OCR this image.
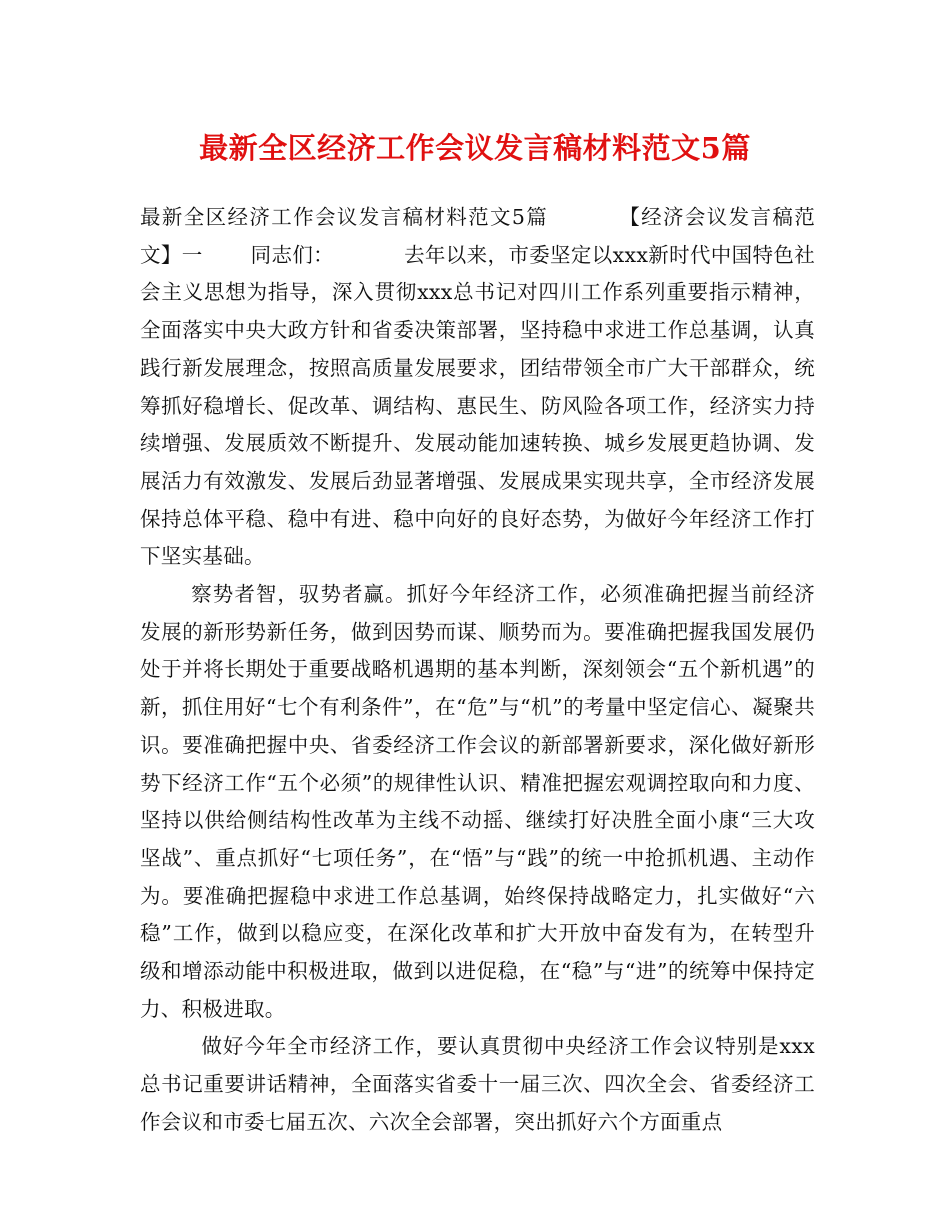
最新全区经济工作会议发言稿材料范文5篇

最新全区经济工作会议发言稿材料范文5篇	【经济会议发言稿范文】一 同志们：	去年以来，市委坚定以xxx新时代中国特色社会主义思想为指导，深入贯彻xxx总书记对四川工作系列重要指示精神，全面落实中央大政方针和省委决策部署，坚持稳中求进工作总基调，认真践行新发展理念，按照高质量发展要求，团结带领全市广大干部群众，统筹抓好稳增长、促改革、调结构、惠民生、防风险各项工作，经济实力持续增强、发展质效不断提升、发展动能加速转换、城乡发展更趋协调、发展活力有效激发、发展后劲显著增强、发展成果实现共享，全市经济发展保持总体平稳、稳中有进、稳中向好的良好态势，为做好今年经济工作打下坚实基础。

察势者智，驭势者赢。抓好今年经济工作，必须准确把握当前经济发展的新形势新任务，做到因势而谋、顺势而为。要准确把握我国发展仍处于并将长期处于重要战略机遇期的基本判断，深刻领会“五个新机遇”的新，抓住用好“七个有利条件”，在“危”与“机”的考量中坚定信心、凝聚共识。要准确把握中央、省委经济工作会议的新部署新要求，深化做好新形势下经济工作“五个必须”的规律性认识、精准把握宏观调控取向和力度、坚持以供给侧结构性改革为主线不动摇、继续打好决胜全面小康“三大攻坚战”、重点抓好“七项任务”，在“悟”与“践”的统一中抢抓机遇、主动作为。要准确把握稳中求进工作总基调，始终保持战略定力，扎实做好“六稳”工作，做到以稳应变，在深化改革和扩大开放中奋发有为，在转型升级和增添动能中积极进取，做到以进促稳，在“稳”与“进”的统筹中保持定力、积极进取。

做好今年全市经济工作，要认真贯彻中央经济工作会议特别是xxx总书记重要讲话精神，全面落实省委十一届三次、四次全会、省委经济工作会议和市委七届五次、六次全会部署，突出抓好六个方面重点
